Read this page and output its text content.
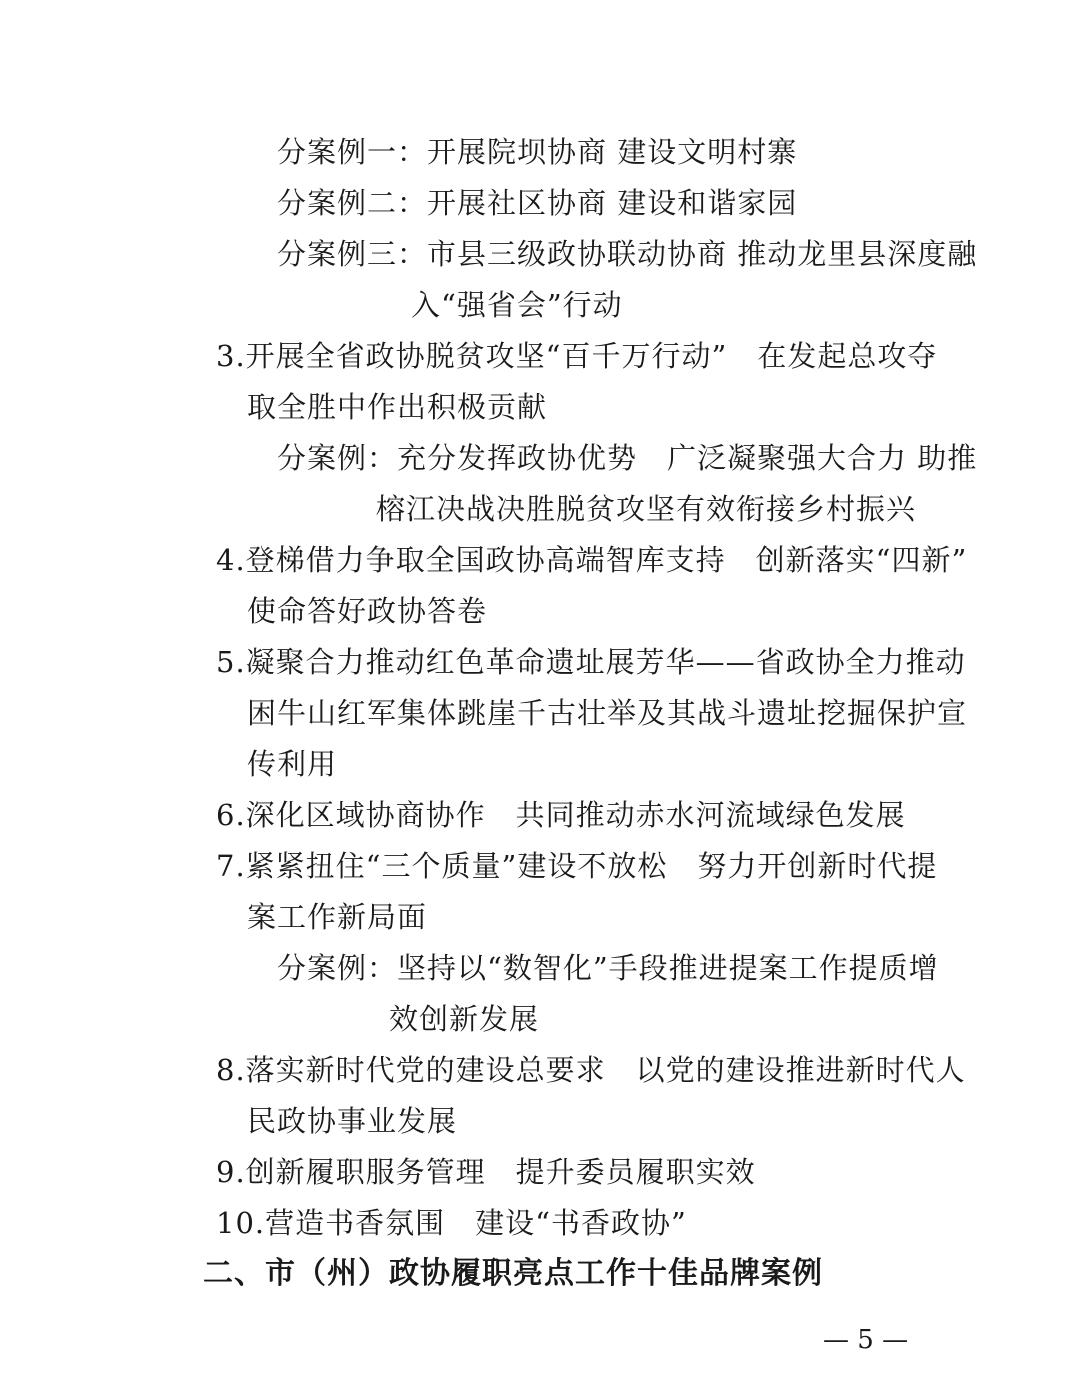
分案例一：开展院坝协商 建设文明村寨
分案例二：开展社区协商 建设和谐家园
分案例三：市县三级政协联动协商 推动龙里县深度融
入“强省会”行动
3.开展全省政协脱贫攻坚“百千万行动”　在发起总攻夺
取全胜中作出积极贡献
分案例：充分发挥政协优势　广泛凝聚强大合力 助推
榕江决战决胜脱贫攻坚有效衔接乡村振兴
4.登梯借力争取全国政协高端智库支持　创新落实“四新”
使命答好政协答卷
5.凝聚合力推动红色革命遗址展芳华——省政协全力推动
困牛山红军集体跳崖千古壮举及其战斗遗址挖掘保护宣
传利用
6.深化区域协商协作　共同推动赤水河流域绿色发展
7.紧紧扭住“三个质量”建设不放松　努力开创新时代提
案工作新局面
分案例：坚持以“数智化”手段推进提案工作提质增
效创新发展
8.落实新时代党的建设总要求　以党的建设推进新时代人
民政协事业发展
9.创新履职服务管理　提升委员履职实效
10.营造书香氛围　建设“书香政协”
二、市（州）政协履职亮点工作十佳品牌案例
— 5 —
